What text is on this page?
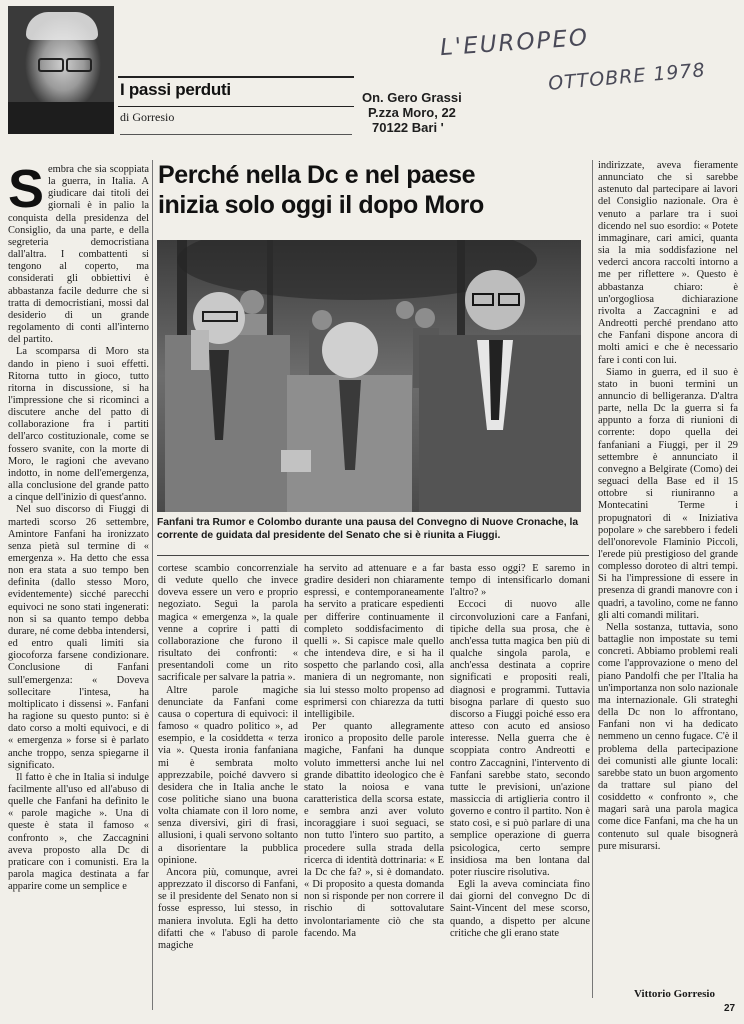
I passi perduti
di Gorresio
On. Gero Grassi
P.zza Moro, 22
70122 Bari '
L'EUROPEO
OTTOBRE 1978
Perché nella Dc e nel paese
inizia solo oggi il dopo Moro
Fanfani tra Rumor e Colombo durante una pausa del Convegno di Nuove Cronache, la corrente de guidata dal presidente del Senato che si è riunita a Fiuggi.

Sembra che sia scoppiata la guerra, in Italia. A giudicare dai titoli dei giornali è in palio la conquista della presidenza del Consiglio, da una parte, e della segreteria democristiana dall'altra. I combattenti si tengono al coperto, ma considerati gli obbiettivi è abbastanza facile dedurre che si tratta di democristiani, mossi dal desiderio di un grande regolamento di conti all'interno del partito.

La scomparsa di Moro sta dando in pieno i suoi effetti. Ritorna tutto in gioco, tutto ritorna in discussione, si ha l'impressione che si ricominci a discutere anche del patto di collaborazione fra i partiti dell'arco costituzionale, come se fossero svanite, con la morte di Moro, le ragioni che avevano indotto, in nome dell'emergenza, alla conclusione del grande patto a cinque dell'inizio di quest'anno.

Nel suo discorso di Fiuggi di martedì scorso 26 settembre, Amintore Fanfani ha ironizzato senza pietà sul termine di « emergenza ». Ha detto che essa non era stata a suo tempo ben definita (dallo stesso Moro, evidentemente) sicché parecchi equivoci ne sono stati ingenerati: non si sa quanto tempo debba durare, né come debba intendersi, ed entro quali limiti sia giocoforza farsene condizionare. Conclusione di Fanfani sull'emergenza: « Doveva sollecitare l'intesa, ha moltiplicato i dissensi ». Fanfani ha ragione su questo punto: si è dato corso a molti equivoci, e di « emergenza » forse si è parlato anche troppo, senza spiegarne il significato.

Il fatto è che in Italia si indulge facilmente all'uso ed all'abuso di quelle che Fanfani ha definito le « parole magiche ». Una di queste è stata il famoso « confronto », che Zaccagnini aveva proposto alla Dc di praticare con i comunisti. Era la parola magica destinata a far apparire come un semplice e

cortese scambio concorrenziale di vedute quello che invece doveva essere un vero e proprio negoziato. Seguì la parola magica « emergenza », la quale venne a coprire i patti di collaborazione che furono il risultato dei confronti: « presentandoli come un rito sacrificale per salvare la patria ».

Altre parole magiche denunciate da Fanfani come causa o copertura di equivoci: il famoso « quadro politico », ad esempio, e la cosiddetta « terza via ». Questa ironia fanfaniana mi è sembrata molto apprezzabile, poiché davvero si desidera che in Italia anche le cose politiche siano una buona volta chiamate con il loro nome, senza diversivi, giri di frasi, allusioni, i quali servono soltanto a disorientare la pubblica opinione.

Ancora più, comunque, avrei apprezzato il discorso di Fanfani, se il presidente del Senato non si fosse espresso, lui stesso, in maniera involuta. Egli ha detto difatti che « l'abuso di parole magiche

ha servito ad attenuare e a far gradire desideri non chiaramente espressi, e contemporaneamente ha servito a praticare espedienti per differire continuamente il completo soddisfacimento di quelli ». Si capisce male quello che intendeva dire, e si ha il sospetto che parlando così, alla maniera di un negromante, non sia lui stesso molto propenso ad esprimersi con chiarezza da tutti intelligibile.

Per quanto allegramente ironico a proposito delle parole magiche, Fanfani ha dunque voluto immettersi anche lui nel grande dibattito ideologico che è stato la noiosa e vana caratteristica della scorsa estate, e sembra anzi aver voluto incoraggiare i suoi seguaci, se non tutto l'intero suo partito, a procedere sulla strada della ricerca di identità dottrinaria: « E la Dc che fa? », si è domandato. « Di proposito a questa domanda non si risponde per non correre il rischio di sottovalutare involontariamente ciò che sta facendo. Ma

basta esso oggi? E saremo in tempo di intensificarlo domani l'altro? »

Eccoci di nuovo alle circonvoluzioni care a Fanfani, tipiche della sua prosa, che è anch'essa tutta magica ben più di qualche singola parola, e anch'essa destinata a coprire significati e propositi reali, diagnosi e programmi. Tuttavia bisogna parlare di questo suo discorso a Fiuggi poiché esso era atteso con acuto ed ansioso interesse. Nella guerra che è scoppiata contro Andreotti e contro Zaccagnini, l'intervento di Fanfani sarebbe stato, secondo tutte le previsioni, un'azione massiccia di artiglieria contro il governo e contro il partito. Non è stato così, e si può parlare di una semplice operazione di guerra psicologica, certo sempre insidiosa ma ben lontana dal poter riuscire risolutiva.

Egli la aveva cominciata fino dai giorni del convegno Dc di Saint-Vincent del mese scorso, quando, a dispetto per alcune critiche che gli erano state

indirizzate, aveva fieramente annunciato che si sarebbe astenuto dal partecipare ai lavori del Consiglio nazionale. Ora è venuto a parlare tra i suoi dicendo nel suo esordio: « Potete immaginare, cari amici, quanta sia la mia soddisfazione nel vederci ancora raccolti intorno a me per riflettere ». Questo è abbastanza chiaro: è un'orgogliosa dichiarazione rivolta a Zaccagnini e ad Andreotti perché prendano atto che Fanfani dispone ancora di molti amici e che è necessario fare i conti con lui.

Siamo in guerra, ed il suo è stato in buoni termini un annuncio di belligeranza. D'altra parte, nella Dc la guerra si fa appunto a forza di riunioni di corrente: dopo quella dei fanfaniani a Fiuggi, per il 29 settembre è annunciato il convegno a Belgirate (Como) dei seguaci della Base ed il 15 ottobre si riuniranno a Montecatini Terme i propugnatori di « Iniziativa popolare » che sarebbero i fedeli dell'onorevole Flaminio Piccoli, l'erede più prestigioso del grande complesso doroteo di altri tempi. Si ha l'impressione di essere in presenza di grandi manovre con i quadri, a tavolino, come ne fanno gli alti comandi militari.

Nella sostanza, tuttavia, sono battaglie non impostate su temi concreti. Abbiamo problemi reali come l'approvazione o meno del piano Pandolfi che per l'Italia ha un'importanza non solo nazionale ma internazionale. Gli strateghi della Dc non lo affrontano, Fanfani non vi ha dedicato nemmeno un cenno fugace. C'è il problema della partecipazione dei comunisti alle giunte locali: sarebbe stato un buon argomento da trattare sul piano del cosiddetto « confronto », che magari sarà una parola magica come dice Fanfani, ma che ha un contenuto sul quale bisognerà pure misurarsi.

Vittorio Gorresio
27
